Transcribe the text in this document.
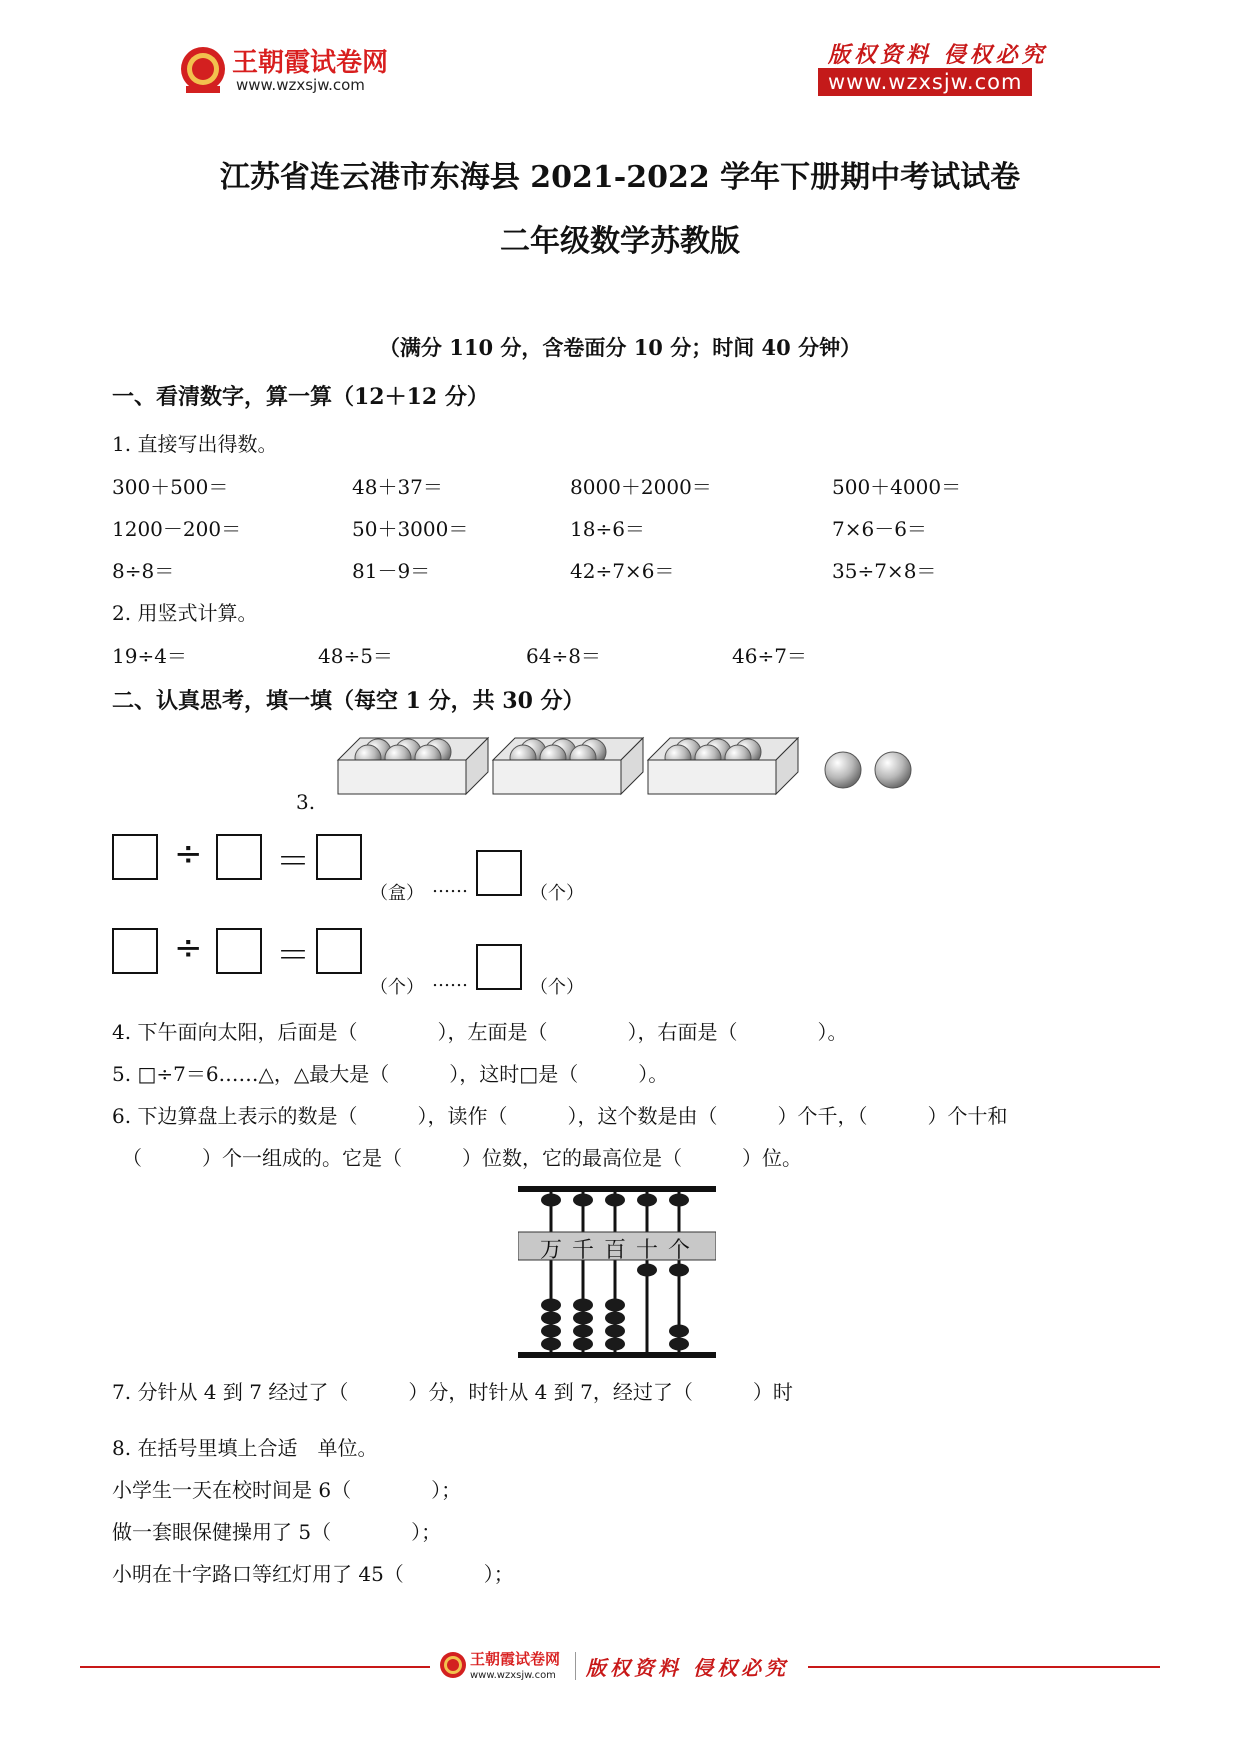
王朝霞试卷网
www.wzxsjw.com
版权资料 侵权必究
www.wzxsjw.com
江苏省连云港市东海县 2021-2022 学年下册期中考试试卷
二年级数学苏教版
（满分 110 分，含卷面分 10 分；时间 40 分钟）
一、看清数字，算一算（12＋12 分）
1. 直接写出得数。
300＋500＝	48＋37＝	8000＋2000＝	500＋4000＝
1200－200＝	50＋3000＝	18÷6＝	7×6－6＝
8÷8＝	81－9＝	42÷7×6＝	35÷7×8＝
2. 用竖式计算。
19÷4＝	48÷5＝	64÷8＝	46÷7＝
二、认真思考，填一填（每空 1 分，共 30 分）
3.
÷ ＝
（盒） ……	（个）
÷ ＝
（个） ……	（个）
4. 下午面向太阳，后面是（　　　　），左面是（　　　　），右面是（　　　　）。
5. □÷7＝6……△，△最大是（　　　），这时□是（　　　）。
6. 下边算盘上表示的数是（　　　），读作（　　　），这个数是由（　　　）个千，（　　　）个十和
（　　　）个一组成的。它是（　　　）位数，它的最高位是（　　　）位。
万 千 百 十 个
7. 分针从 4 到 7 经过了（　　　）分，时针从 4 到 7，经过了（　　　）时
8. 在括号里填上合适　单位。
小学生一天在校时间是 6（　　　　）；
做一套眼保健操用了 5（　　　　）；
小明在十字路口等红灯用了 45（　　　　）；
王朝霞试卷网
www.wzxsjw.com 版权资料 侵权必究
